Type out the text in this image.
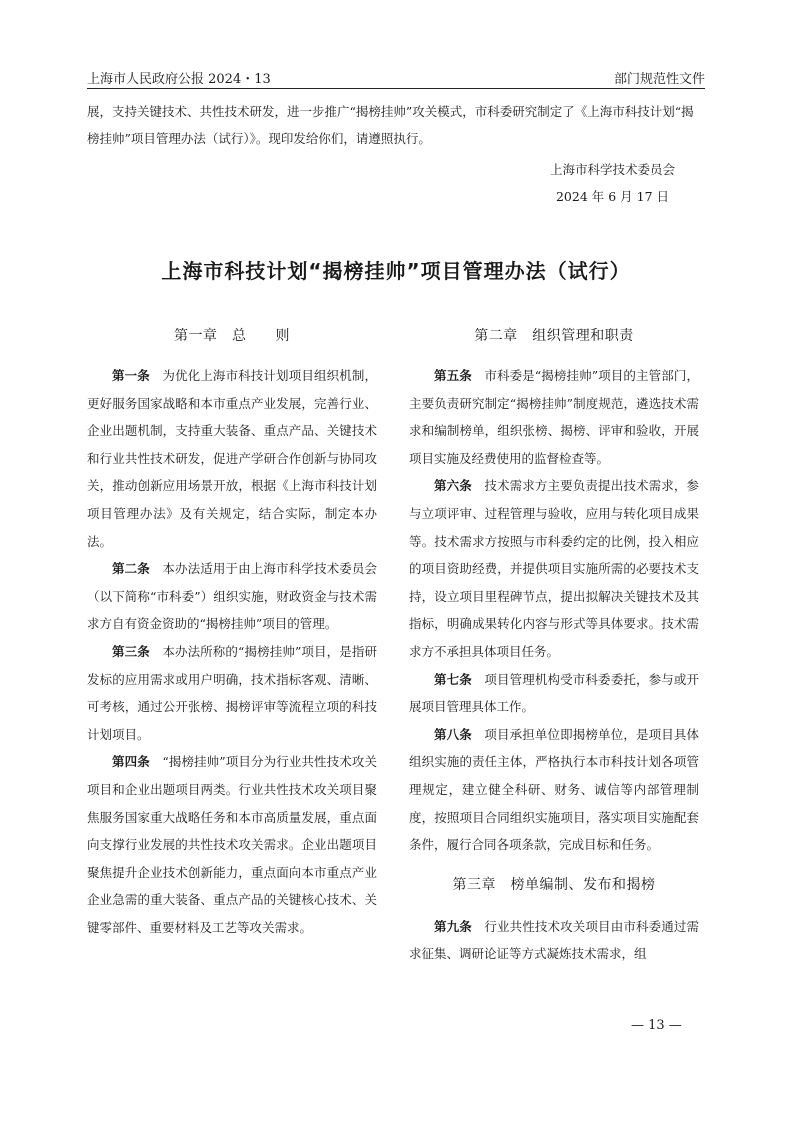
上海市人民政府公报 2024・13	部门规范性文件
展，支持关键技术、共性技术研发，进一步推广“揭榜挂帅”攻关模式，市科委研究制定了《上海市科技计划“揭榜挂帅”项目管理办法（试行）》。现印发给你们，请遵照执行。
上海市科学技术委员会
2024 年 6 月 17 日
上海市科技计划“揭榜挂帅”项目管理办法（试行）
第一章　总　　则

第一条 为优化上海市科技计划项目组织机制，更好服务国家战略和本市重点产业发展，完善行业、企业出题机制，支持重大装备、重点产品、关键技术和行业共性技术研发，促进产学研合作创新与协同攻关，推动创新应用场景开放，根据《上海市科技计划项目管理办法》及有关规定，结合实际，制定本办法。

第二条 本办法适用于由上海市科学技术委员会（以下简称“市科委”）组织实施，财政资金与技术需求方自有资金资助的“揭榜挂帅”项目的管理。

第三条 本办法所称的“揭榜挂帅”项目，是指研发标的应用需求或用户明确，技术指标客观、清晰、可考核，通过公开张榜、揭榜评审等流程立项的科技计划项目。

第四条 “揭榜挂帅”项目分为行业共性技术攻关项目和企业出题项目两类。行业共性技术攻关项目聚焦服务国家重大战略任务和本市高质量发展，重点面向支撑行业发展的共性技术攻关需求。企业出题项目聚焦提升企业技术创新能力，重点面向本市重点产业企业急需的重大装备、重点产品的关键核心技术、关键零部件、重要材料及工艺等攻关需求。

第二章　组织管理和职责

第五条 市科委是“揭榜挂帅”项目的主管部门，主要负责研究制定“揭榜挂帅”制度规范，遴选技术需求和编制榜单，组织张榜、揭榜、评审和验收，开展项目实施及经费使用的监督检查等。

第六条 技术需求方主要负责提出技术需求，参与立项评审、过程管理与验收，应用与转化项目成果等。技术需求方按照与市科委约定的比例，投入相应的项目资助经费，并提供项目实施所需的必要技术支持，设立项目里程碑节点，提出拟解决关键技术及其指标，明确成果转化内容与形式等具体要求。技术需求方不承担具体项目任务。

第七条 项目管理机构受市科委委托，参与或开展项目管理具体工作。

第八条 项目承担单位即揭榜单位，是项目具体组织实施的责任主体，严格执行本市科技计划各项管理规定，建立健全科研、财务、诚信等内部管理制度，按照项目合同组织实施项目，落实项目实施配套条件，履行合同各项条款，完成目标和任务。

第三章　榜单编制、发布和揭榜

第九条 行业共性技术攻关项目由市科委通过需求征集、调研论证等方式凝炼技术需求，组

— 13 —
